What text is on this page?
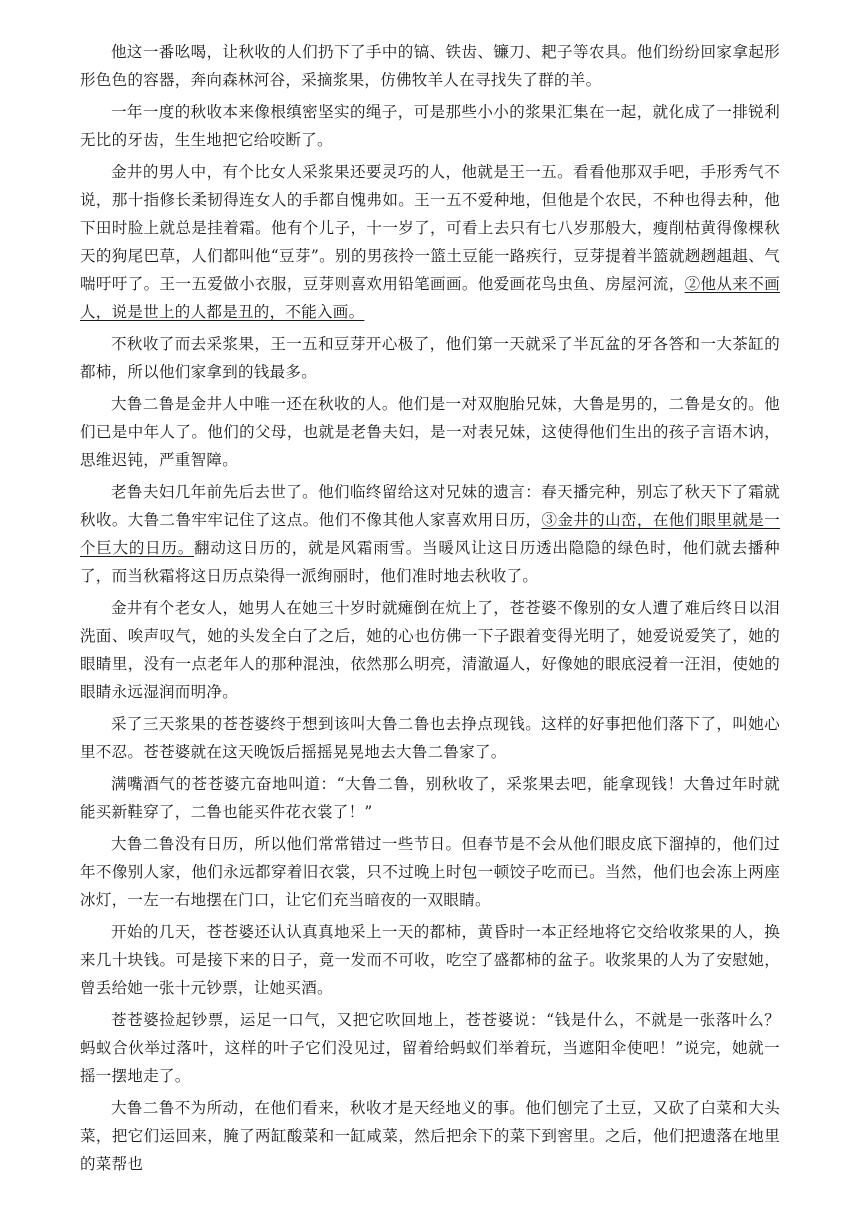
他这一番吆喝，让秋收的人们扔下了手中的镐、铁齿、镰刀、耙子等农具。他们纷纷回家拿起形形色色的容器，奔向森林河谷，采摘浆果，仿佛牧羊人在寻找失了群的羊。

一年一度的秋收本来像根缜密坚实的绳子，可是那些小小的浆果汇集在一起，就化成了一排锐利无比的牙齿，生生地把它给咬断了。

金井的男人中，有个比女人采浆果还要灵巧的人，他就是王一五。看看他那双手吧，手形秀气不说，那十指修长柔韧得连女人的手都自愧弗如。王一五不爱种地，但他是个农民，不种也得去种，他下田时脸上就总是挂着霜。他有个儿子，十一岁了，可看上去只有七八岁那般大，瘦削枯黄得像棵秋天的狗尾巴草，人们都叫他“豆芽”。别的男孩拎一篮土豆能一路疾行，豆芽提着半篮就趔趔趄趄、气喘吁吁了。王一五爱做小衣服，豆芽则喜欢用铅笔画画。他爱画花鸟虫鱼、房屋河流，②他从来不画人，说是世上的人都是丑的，不能入画。

不秋收了而去采浆果，王一五和豆芽开心极了，他们第一天就采了半瓦盆的牙各答和一大茶缸的都柿，所以他们家拿到的钱最多。

大鲁二鲁是金井人中唯一还在秋收的人。他们是一对双胞胎兄妹，大鲁是男的，二鲁是女的。他们已是中年人了。他们的父母，也就是老鲁夫妇，是一对表兄妹，这使得他们生出的孩子言语木讷，思维迟钝，严重智障。

老鲁夫妇几年前先后去世了。他们临终留给这对兄妹的遗言：春天播完种，别忘了秋天下了霜就秋收。大鲁二鲁牢牢记住了这点。他们不像其他人家喜欢用日历，③金井的山峦，在他们眼里就是一个巨大的日历。翻动这日历的，就是风霜雨雪。当暖风让这日历透出隐隐的绿色时，他们就去播种了，而当秋霜将这日历点染得一派绚丽时，他们准时地去秋收了。

金井有个老女人，她男人在她三十岁时就瘫倒在炕上了，苍苍婆不像别的女人遭了难后终日以泪洗面、唉声叹气，她的头发全白了之后，她的心也仿佛一下子跟着变得光明了，她爱说爱笑了，她的眼睛里，没有一点老年人的那种混浊，依然那么明亮，清澈逼人，好像她的眼底浸着一汪泪，使她的眼睛永远湿润而明净。

采了三天浆果的苍苍婆终于想到该叫大鲁二鲁也去挣点现钱。这样的好事把他们落下了，叫她心里不忍。苍苍婆就在这天晚饭后摇摇晃晃地去大鲁二鲁家了。

满嘴酒气的苍苍婆亢奋地叫道：“大鲁二鲁，别秋收了，采浆果去吧，能拿现钱！大鲁过年时就能买新鞋穿了，二鲁也能买件花衣裳了！”

大鲁二鲁没有日历，所以他们常常错过一些节日。但春节是不会从他们眼皮底下溜掉的，他们过年不像别人家，他们永远都穿着旧衣裳，只不过晚上时包一顿饺子吃而已。当然，他们也会冻上两座冰灯，一左一右地摆在门口，让它们充当暗夜的一双眼睛。

开始的几天，苍苍婆还认认真真地采上一天的都柿，黄昏时一本正经地将它交给收浆果的人，换来几十块钱。可是接下来的日子，竟一发而不可收，吃空了盛都柿的盆子。收浆果的人为了安慰她，曾丢给她一张十元钞票，让她买酒。

苍苍婆捡起钞票，运足一口气，又把它吹回地上，苍苍婆说：“钱是什么，不就是一张落叶么？蚂蚁合伙举过落叶，这样的叶子它们没见过，留着给蚂蚁们举着玩，当遮阳伞使吧！”说完，她就一摇一摆地走了。

大鲁二鲁不为所动，在他们看来，秋收才是天经地义的事。他们刨完了土豆，又砍了白菜和大头菜，把它们运回来，腌了两缸酸菜和一缸咸菜，然后把余下的菜下到窖里。之后，他们把遗落在地里的菜帮也
